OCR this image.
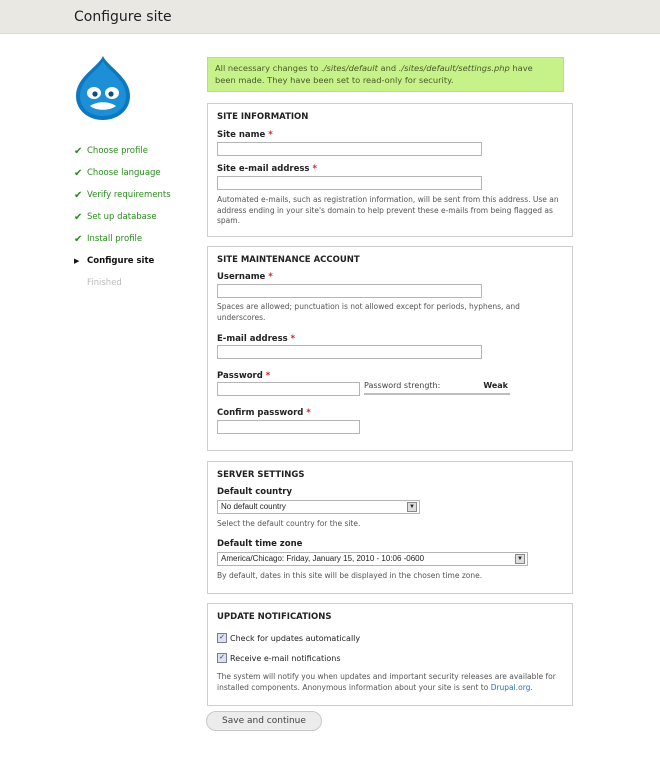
Configure site
✔ Choose profile
✔ Choose language
✔ Verify requirements
✔ Set up database
✔ Install profile
▶ Configure site
Finished
All necessary changes to ./sites/default and ./sites/default/settings.php have been made. They have been set to read-only for security.
SITE INFORMATION
Site name *
Site e-mail address *
Automated e-mails, such as registration information, will be sent from this address. Use an address ending in your site's domain to help prevent these e-mails from being flagged as spam.
SITE MAINTENANCE ACCOUNT
Username *
Spaces are allowed; punctuation is not allowed except for periods, hyphens, and underscores.
E-mail address *
Password *
Password strength:	Weak
Confirm password *
SERVER SETTINGS
Default country
No default country	▼
Select the default country for the site.
Default time zone
America/Chicago: Friday, January 15, 2010 - 10:06 -0600	▼
By default, dates in this site will be displayed in the chosen time zone.
UPDATE NOTIFICATIONS
✓ Check for updates automatically
✓ Receive e-mail notifications
The system will notify you when updates and important security releases are available for installed components. Anonymous information about your site is sent to Drupal.org.
Save and continue
